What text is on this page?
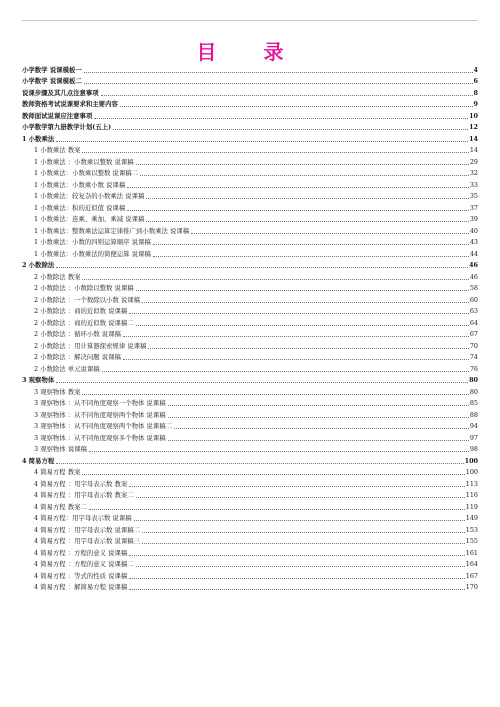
目 录
小学数学 说课模板一	4
小学数学 说课模板二	6
说课步骤及其几点注意事项	8
教师资格考试说课要求和主要内容	9
教师面试说课应注意事项	10
小学数学第九册教学计划(五上)	12
1 小数乘法	14
1 小数乘法 教案	14
1 小数乘法 ：小数乘以整数 说课稿	29
1 小数乘法：小数乘以整数 说课稿二	32
1 小数乘法：小数乘小数 说课稿	33
1 小数乘法：较复杂的小数乘法 说课稿	35
1 小数乘法：积的近似值 说课稿	37
1 小数乘法：连乘、乘加、乘减 说课稿	39
1 小数乘法：整数乘法运算定律推广到小数乘法 说课稿	40
1 小数乘法：小数的四则运算顺序 说课稿	43
1 小数乘法：小数乘法的简便运算 说课稿	44
2 小数除法	46
2 小数除法 教案	46
2 小数除法 ：小数除以整数 说课稿	58
2 小数除法 ：一个数除以小数 说课稿	60
2 小数除法 ：商的近似数 说课稿	63
2 小数除法 ：商的近似数 说课稿二	64
2 小数除法 ：循环小数 说课稿	67
2 小数除法 ：用计算器探索规律 说课稿	70
2 小数除法 ：解决问题 说课稿	74
2 小数除法 单元说课稿	76
3 观察物体	80
3 观察物体 教案	80
3 观察物体 ：从不同角度观察一个物体 说课稿	85
3 观察物体 ：从不同角度观察两个物体 说课稿	88
3 观察物体 ：从不同角度观察两个物体 说课稿二	94
3 观察物体 ：从不同角度观察多个物体 说课稿	97
3 观察物体 说课稿	98
4 简易方程	100
4 简易方程 教案	100
4 简易方程 ：用字母表示数 教案	113
4 简易方程 ：用字母表示数 教案二	116
4 简易方程 教案二	119
4 简易方程：用字母表示数 说课稿	149
4 简易方程 ：用字母表示数 说课稿二	153
4 简易方程 ：用字母表示数 说课稿三	155
4 简易方程 ：方程的意义 说课稿	161
4 简易方程 ：方程的意义 说课稿二	164
4 简易方程 ：等式的性质 说课稿	167
4 简易方程 ：解简易方程 说课稿	170
